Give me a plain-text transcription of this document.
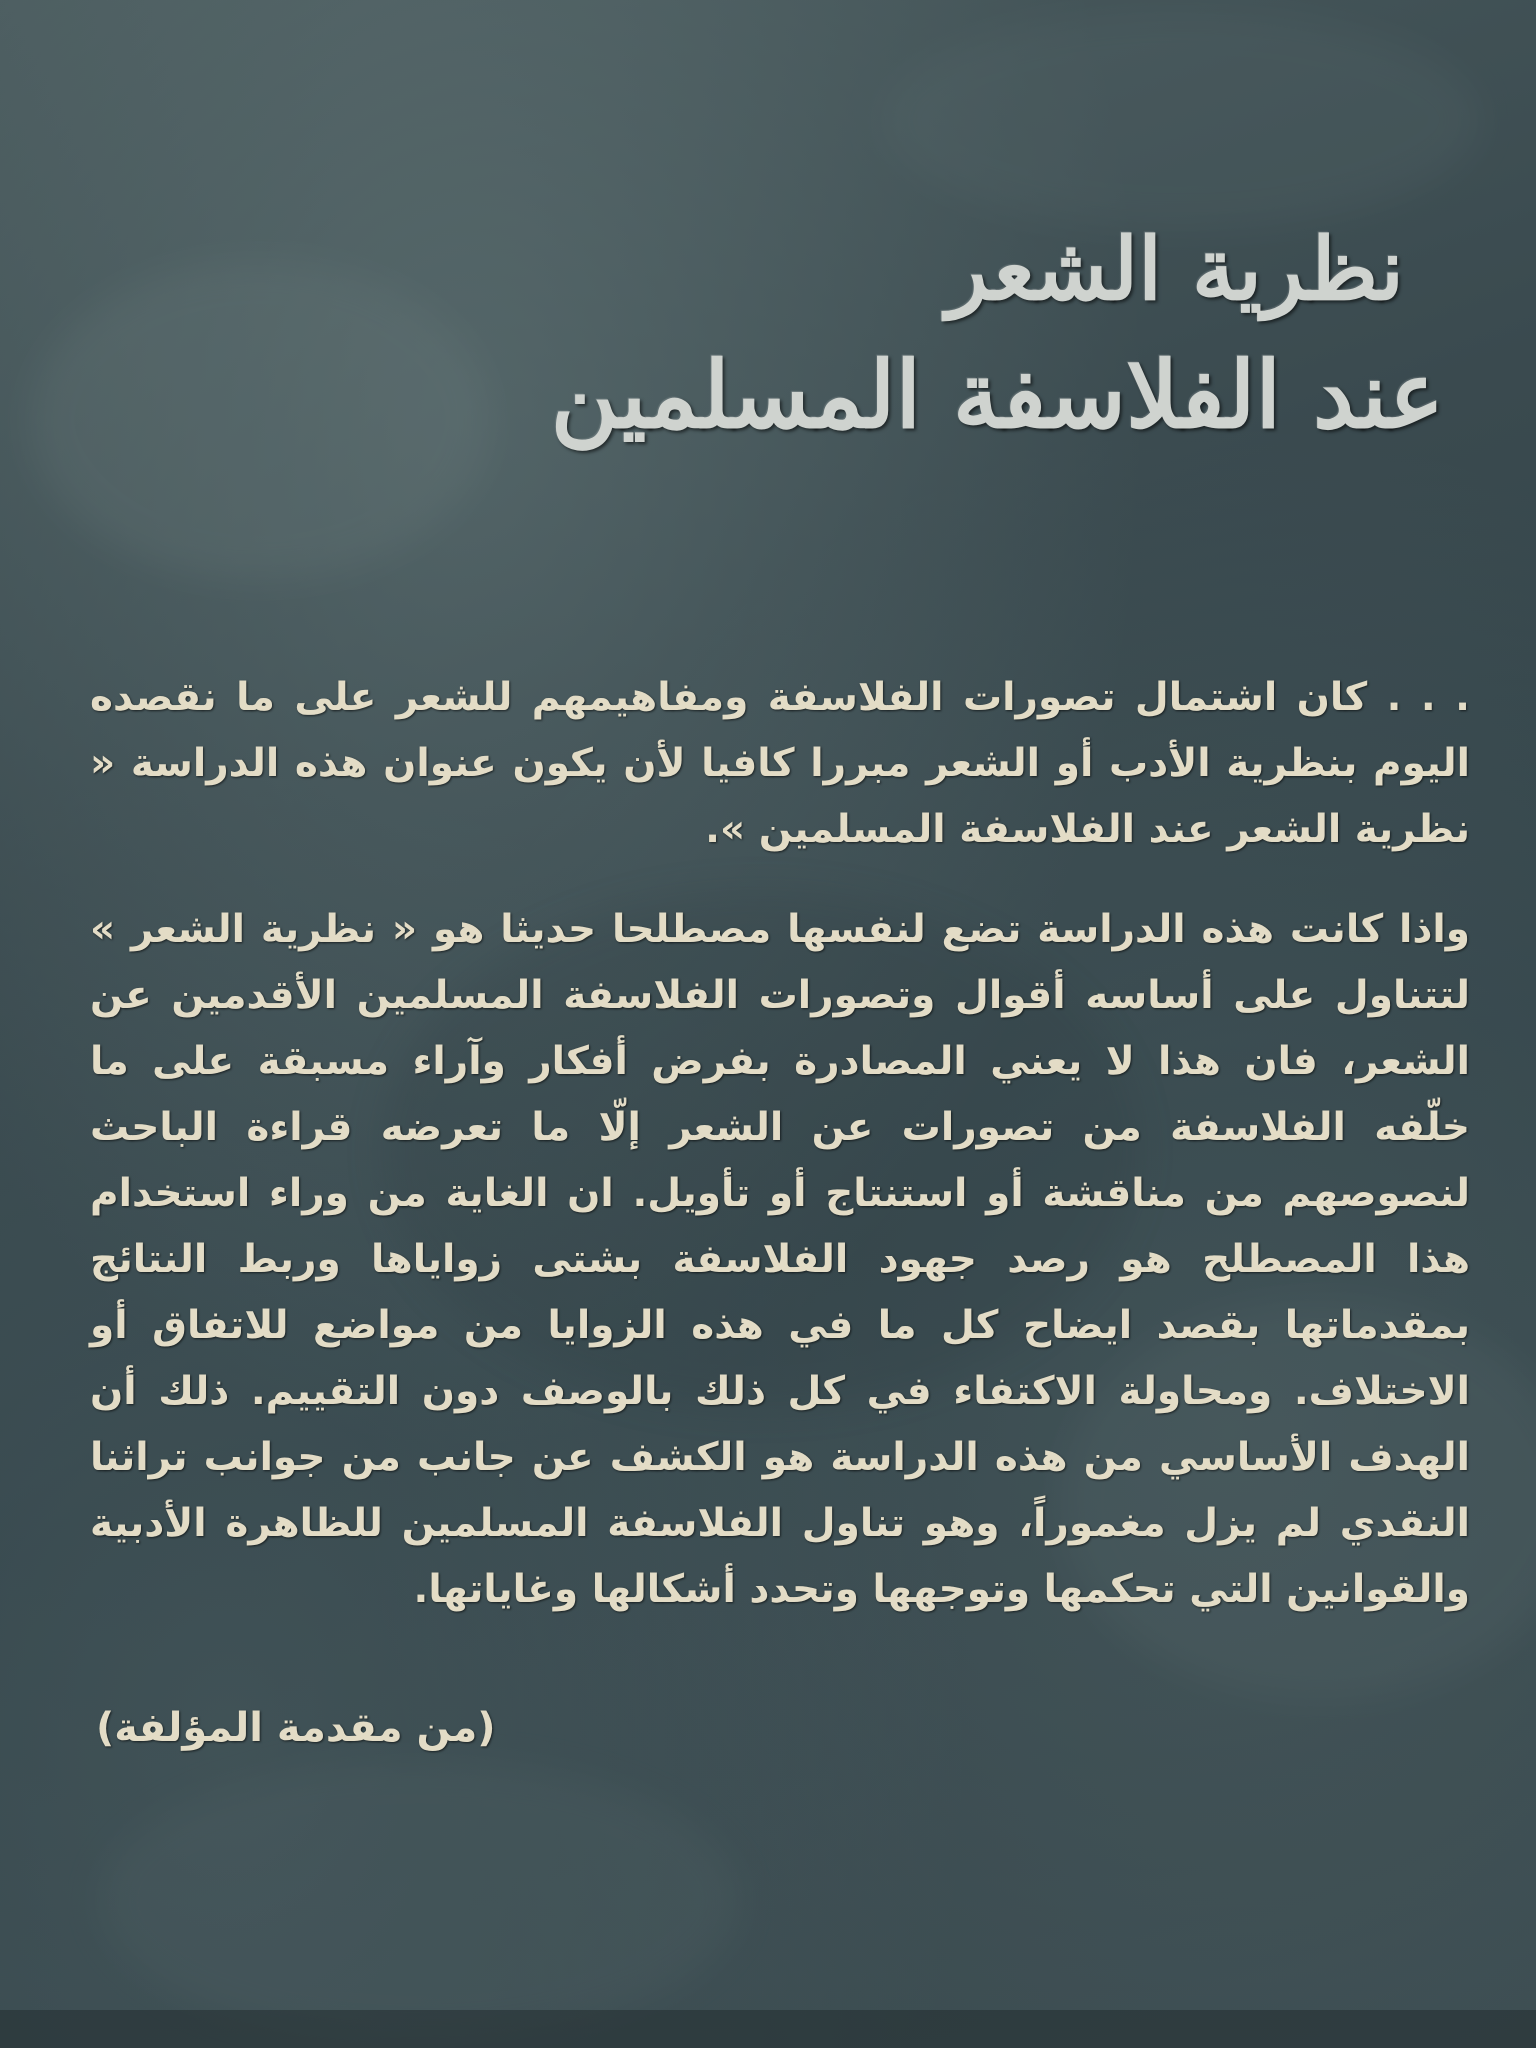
نظرية الشعر
عند الفلاسفة المسلمين

. . . كان اشتمال تصورات الفلاسفة ومفاهيمهم للشعر على ما نقصده اليوم بنظرية الأدب أو الشعر مبررا كافيا لأن يكون عنوان هذه الدراسة « نظرية الشعر عند الفلاسفة المسلمين ».

واذا كانت هذه الدراسة تضع لنفسها مصطلحا حديثا هو « نظرية الشعر » لتتناول على أساسه أقوال وتصورات الفلاسفة المسلمين الأقدمين عن الشعر، فان هذا لا يعني المصادرة بفرض أفكار وآراء مسبقة على ما خلّفه الفلاسفة من تصورات عن الشعر إلّا ما تعرضه قراءة الباحث لنصوصهم من مناقشة أو استنتاج أو تأويل. ان الغاية من وراء استخدام هذا المصطلح هو رصد جهود الفلاسفة بشتى زواياها وربط النتائج بمقدماتها بقصد ايضاح كل ما في هذه الزوايا من مواضع للاتفاق أو الاختلاف. ومحاولة الاكتفاء في كل ذلك بالوصف دون التقييم. ذلك أن الهدف الأساسي من هذه الدراسة هو الكشف عن جانب من جوانب تراثنا النقدي لم يزل مغموراً، وهو تناول الفلاسفة المسلمين للظاهرة الأدبية والقوانين التي تحكمها وتوجهها وتحدد أشكالها وغاياتها.

(من مقدمة المؤلفة)
